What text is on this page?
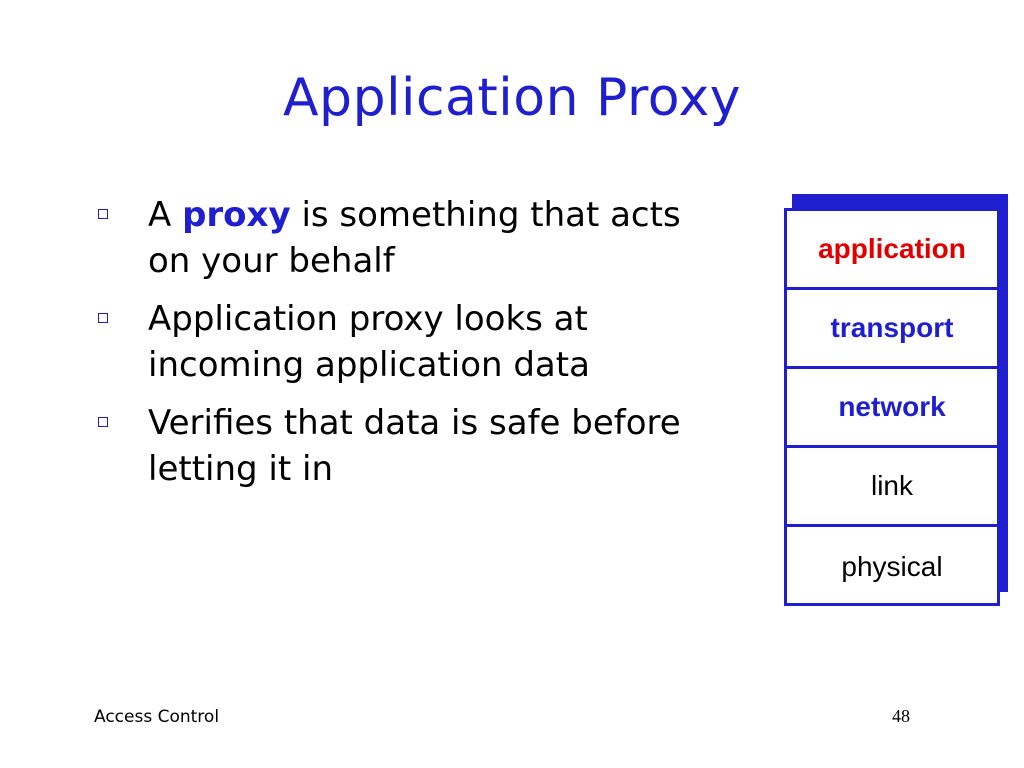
Application Proxy
A proxy is something that acts on your behalf
Application proxy looks at incoming application data
Verifies that data is safe before letting it in
application
transport
network
link
physical
Access Control	48
